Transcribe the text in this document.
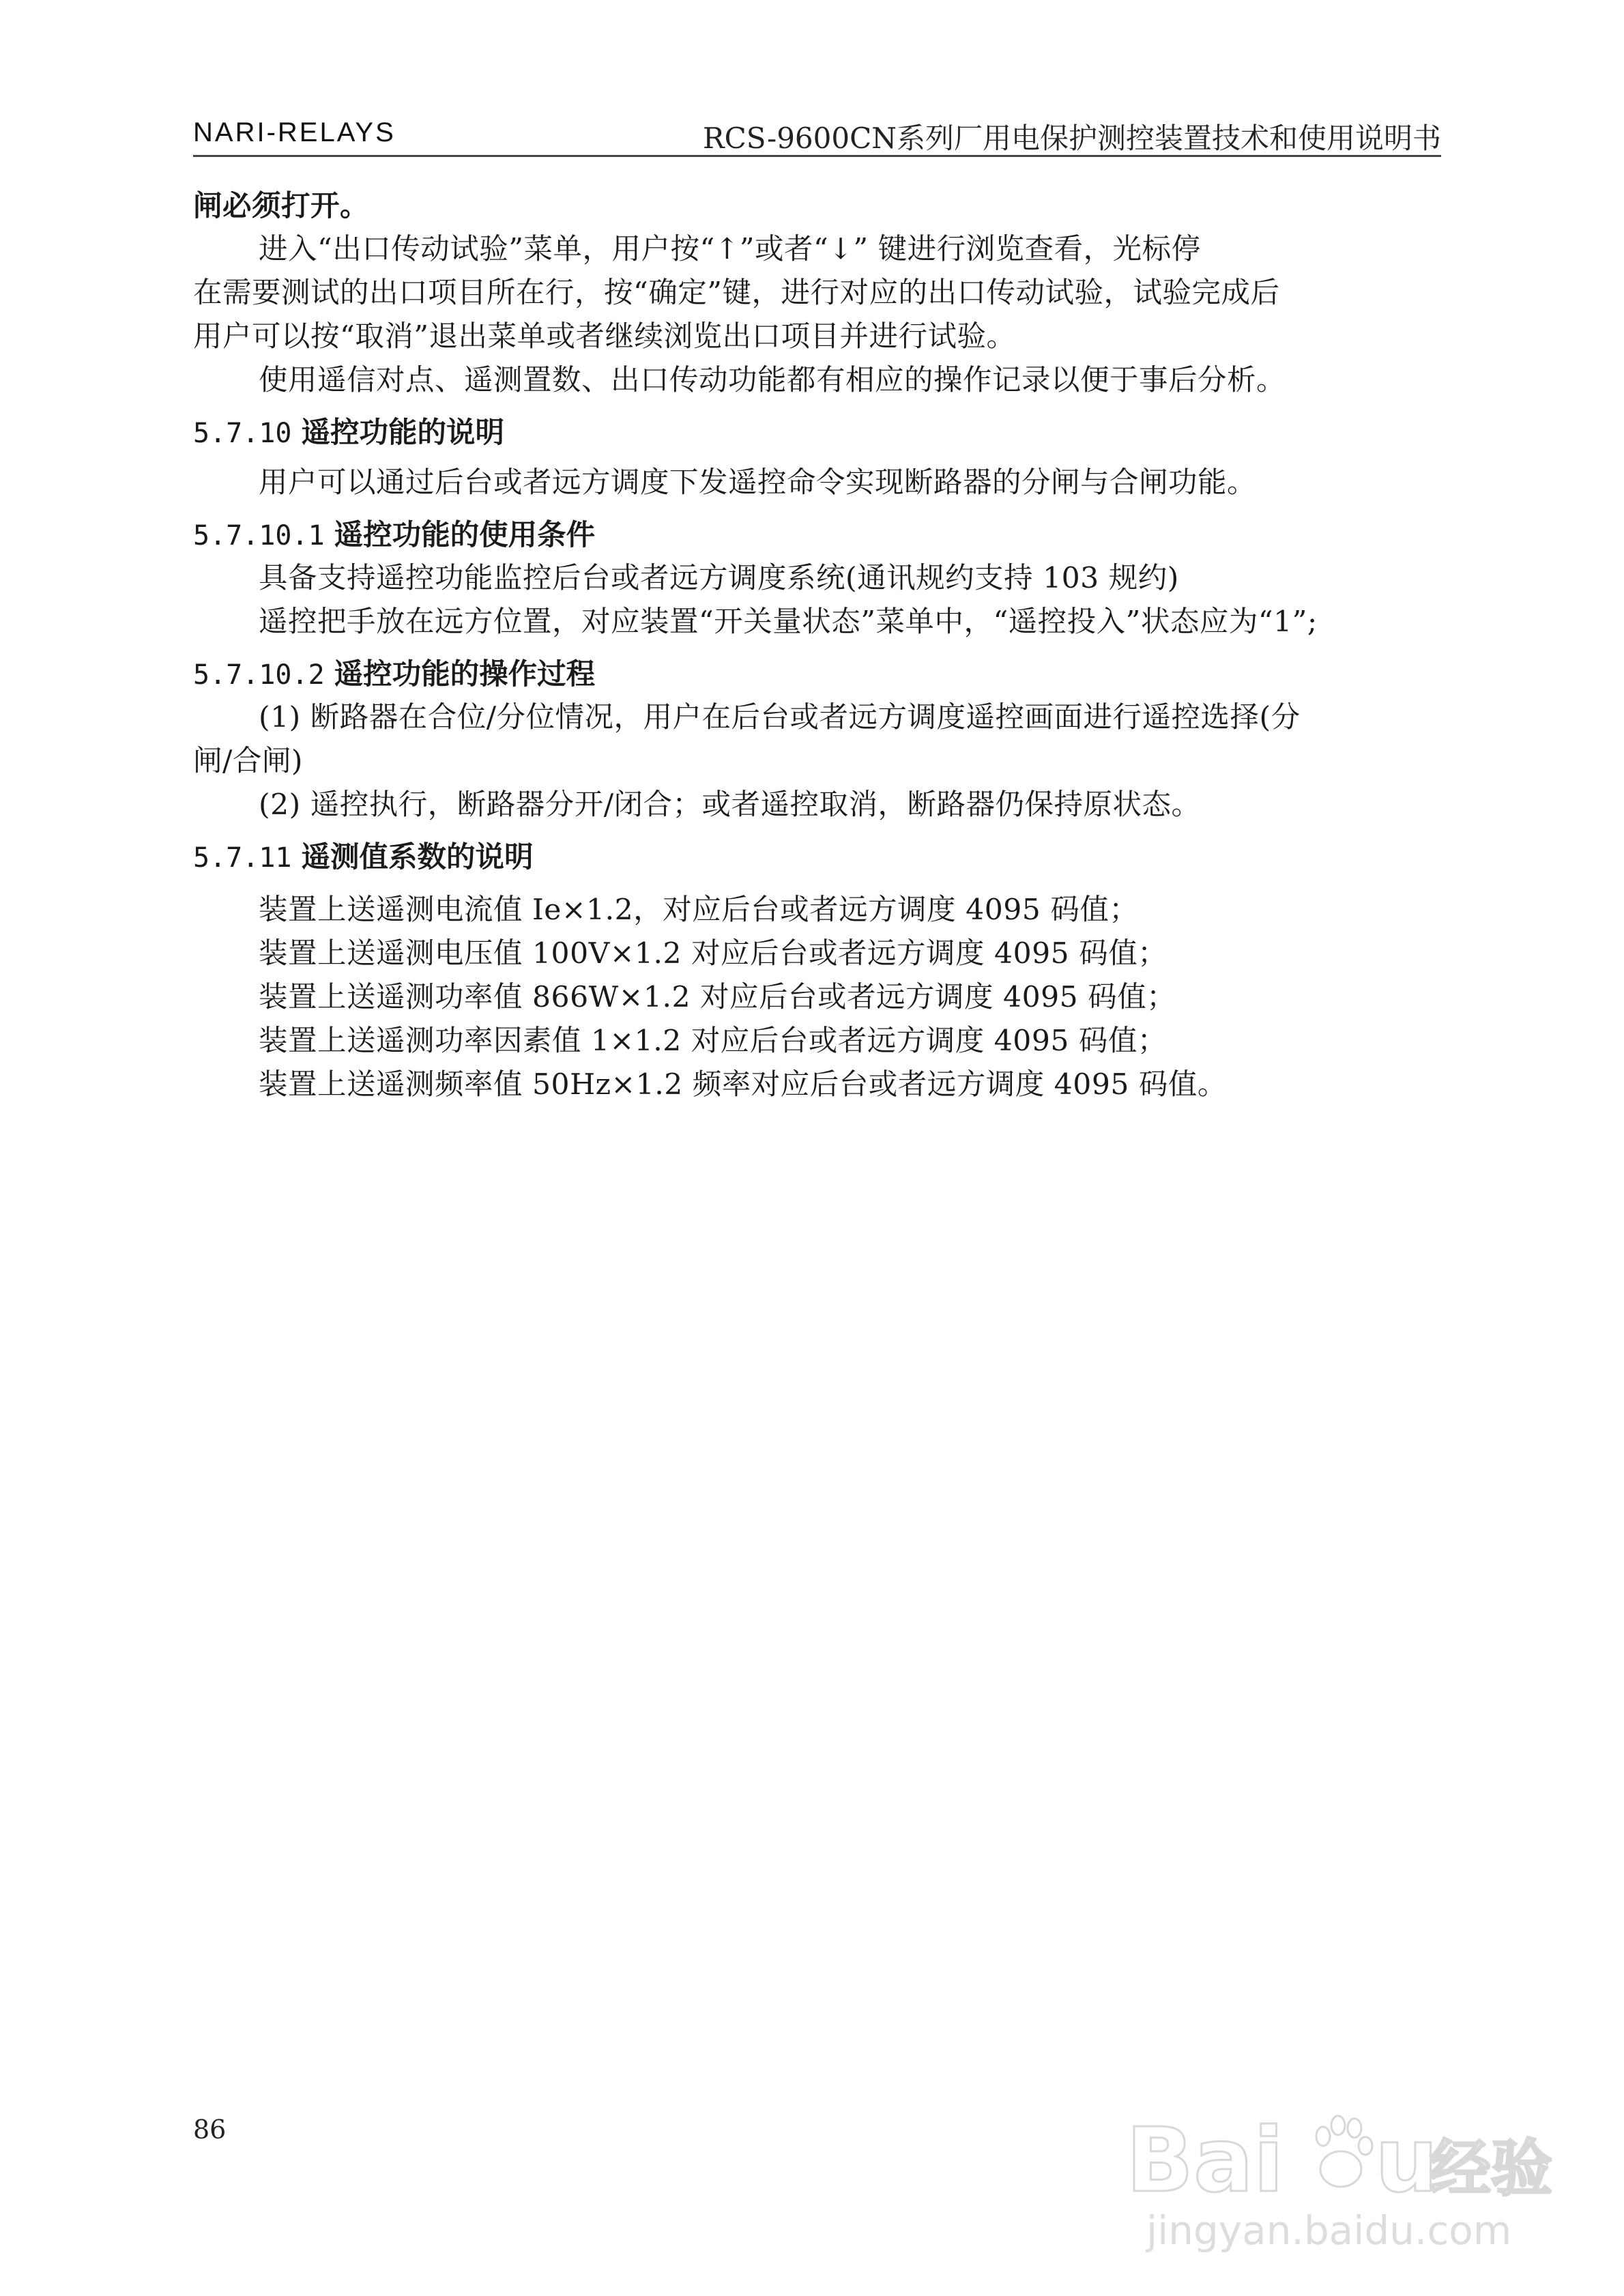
NARI-RELAYS	RCS-9600CN系列厂用电保护测控装置技术和使用说明书
闸必须打开。
进入“出口传动试验”菜单，用户按“↑”或者“↓” 键进行浏览查看，光标停
在需要测试的出口项目所在行，按“确定”键，进行对应的出口传动试验，试验完成后
用户可以按“取消”退出菜单或者继续浏览出口项目并进行试验。
使用遥信对点、遥测置数、出口传动功能都有相应的操作记录以便于事后分析。
5.7.10 遥控功能的说明
用户可以通过后台或者远方调度下发遥控命令实现断路器的分闸与合闸功能。
5.7.10.1 遥控功能的使用条件
具备支持遥控功能监控后台或者远方调度系统(通讯规约支持 103 规约)
遥控把手放在远方位置，对应装置“开关量状态”菜单中，“遥控投入”状态应为“1”;
5.7.10.2 遥控功能的操作过程
(1) 断路器在合位/分位情况，用户在后台或者远方调度遥控画面进行遥控选择(分
闸/合闸)
(2) 遥控执行，断路器分开/闭合；或者遥控取消，断路器仍保持原状态。
5.7.11 遥测值系数的说明
装置上送遥测电流值 Ie×1.2，对应后台或者远方调度 4095 码值；
装置上送遥测电压值 100V×1.2 对应后台或者远方调度 4095 码值；
装置上送遥测功率值 866W×1.2 对应后台或者远方调度 4095 码值；
装置上送遥测功率因素值 1×1.2 对应后台或者远方调度 4095 码值；
装置上送遥测频率值 50Hz×1.2 频率对应后台或者远方调度 4095 码值。
86	Bai u
经验
jingyan.baidu.com
